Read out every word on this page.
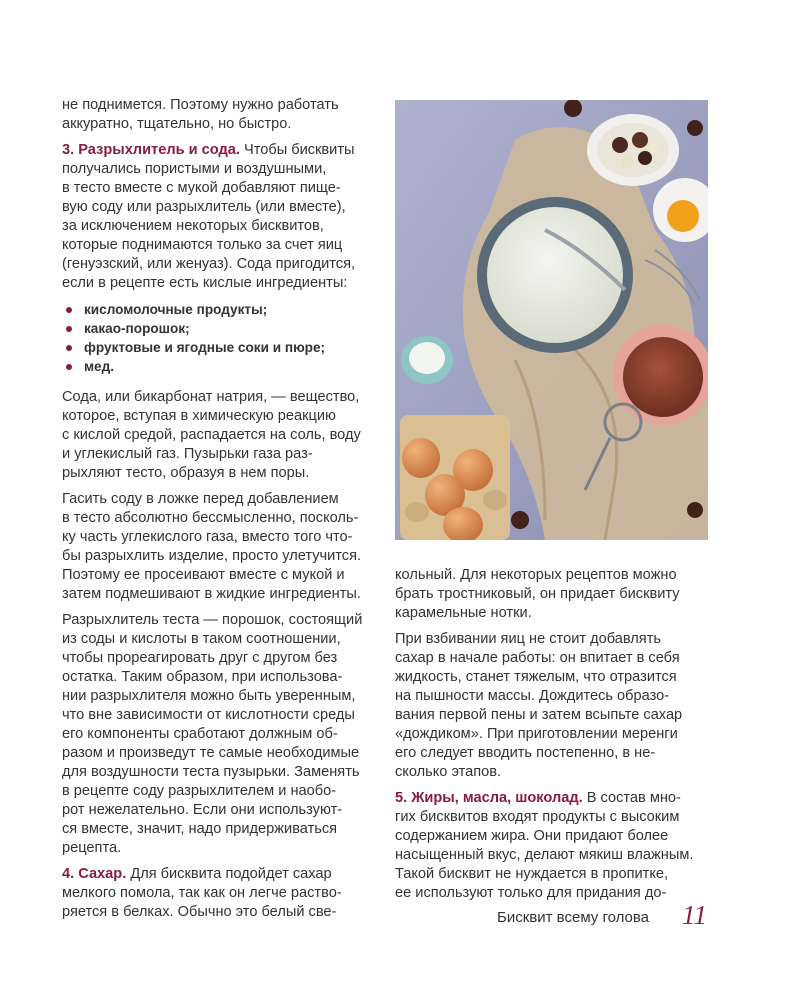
не поднимется. Поэтому нужно работать
аккуратно, тщательно, но быстро.

3. Разрыхлитель и сода. Чтобы бисквиты
получались пористыми и воздушными,
в тесто вместе с мукой добавляют пище-
вую соду или разрыхлитель (или вместе),
за исключением некоторых бисквитов,
которые поднимаются только за счет яиц
(генуэзский, или женуаз). Сода пригодится,
если в рецепте есть кислые ингредиенты:

кисломолочные продукты;
какао-порошок;
фруктовые и ягодные соки и пюре;
мед.

Сода, или бикарбонат натрия, — вещество,
которое, вступая в химическую реакцию
с кислой средой, распадается на соль, воду
и углекислый газ. Пузырьки газа раз-
рыхляют тесто, образуя в нем поры.

Гасить соду в ложке перед добавлением
в тесто абсолютно бессмысленно, посколь-
ку часть углекислого газа, вместо того что-
бы разрыхлить изделие, просто улетучится.
Поэтому ее просеивают вместе с мукой и
затем подмешивают в жидкие ингредиенты.

Разрыхлитель теста — порошок, состоящий
из соды и кислоты в таком соотношении,
чтобы прореагировать друг с другом без
остатка. Таким образом, при использова-
нии разрыхлителя можно быть уверенным,
что вне зависимости от кислотности среды
его компоненты сработают должным об-
разом и произведут те самые необходимые
для воздушности теста пузырьки. Заменять
в рецепте соду разрыхлителем и наобо-
рот нежелательно. Если они используют-
ся вместе, значит, надо придерживаться
рецепта.

4. Сахар. Для бисквита подойдет сахар
мелкого помола, так как он легче раство-
ряется в белках. Обычно это белый све-

кольный. Для некоторых рецептов можно
брать тростниковый, он придает бисквиту
карамельные нотки.

При взбивании яиц не стоит добавлять
сахар в начале работы: он впитает в себя
жидкость, станет тяжелым, что отразится
на пышности массы. Дождитесь образо-
вания первой пены и затем всыпьте сахар
«дождиком». При приготовлении меренги
его следует вводить постепенно, в не-
сколько этапов.

5. Жиры, масла, шоколад. В состав мно-
гих бисквитов входят продукты с высоким
содержанием жира. Они придают более
насыщенный вкус, делают мякиш влажным.
Такой бисквит не нуждается в пропитке,
ее используют только для придания до-

Бисквит всему голова 11
